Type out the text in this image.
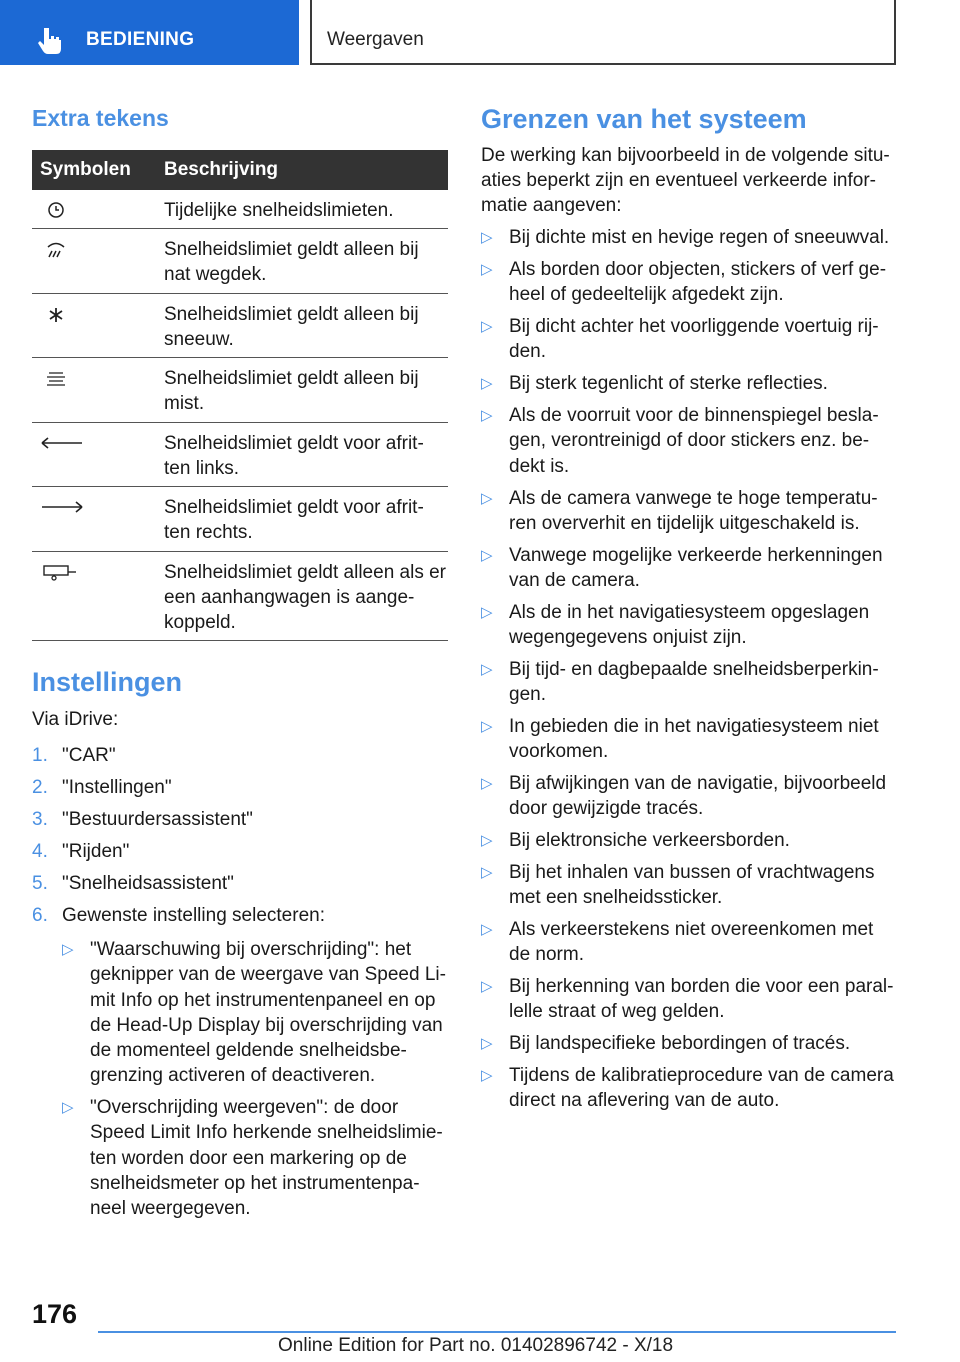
BEDIENING	Weergaven
Extra tekens
Symbolen Beschrijving
Tijdelijke snelheidslimieten.
Snelheidslimiet geldt alleen bij nat wegdek.
Snelheidslimiet geldt alleen bij sneeuw.
Snelheidslimiet geldt alleen bij mist.
Snelheidslimiet geldt voor afrit-ten links.
Snelheidslimiet geldt voor afrit-ten rechts.
Snelheidslimiet geldt alleen als er een aanhangwagen is aange-koppeld.
Instellingen
Via iDrive:
1. "CAR"
2. "Instellingen"
3. "Bestuurdersassistent"
4. "Rijden"
5. "Snelheidsassistent"
6. Gewenste instelling selecteren:
▷ "Waarschuwing bij overschrijding": het geknipper van de weergave van Speed Li-mit Info op het instrumentenpaneel en op de Head-Up Display bij overschrijding van de momenteel geldende snelheidsbe-grenzing activeren of deactiveren.
▷ "Overschrijding weergeven": de door Speed Limit Info herkende snelheidslimie-ten worden door een markering op de snelheidsmeter op het instrumentenpa-neel weergegeven.
Grenzen van het systeem
De werking kan bijvoorbeeld in de volgende situ-aties beperkt zijn en eventueel verkeerde infor-matie aangeven:
▷ Bij dichte mist en hevige regen of sneeuwval.
▷ Als borden door objecten, stickers of verf ge-heel of gedeeltelijk afgedekt zijn.
▷ Bij dicht achter het voorliggende voertuig rij-den.
▷ Bij sterk tegenlicht of sterke reflecties.
▷ Als de voorruit voor de binnenspiegel besla-gen, verontreinigd of door stickers enz. be-dekt is.
▷ Als de camera vanwege te hoge temperatu-ren oververhit en tijdelijk uitgeschakeld is.
▷ Vanwege mogelijke verkeerde herkenningen van de camera.
▷ Als de in het navigatiesysteem opgeslagen wegengegevens onjuist zijn.
▷ Bij tijd- en dagbepaalde snelheidsberperkin-gen.
▷ In gebieden die in het navigatiesysteem niet voorkomen.
▷ Bij afwijkingen van de navigatie, bijvoorbeeld door gewijzigde tracés.
▷ Bij elektronsiche verkeersborden.
▷ Bij het inhalen van bussen of vrachtwagens met een snelheidssticker.
▷ Als verkeerstekens niet overeenkomen met de norm.
▷ Bij herkenning van borden die voor een paral-lelle straat of weg gelden.
▷ Bij landspecifieke bebordingen of tracés.
▷ Tijdens de kalibratieprocedure van de camera direct na aflevering van de auto.
176
Online Edition for Part no. 01402896742 - X/18
